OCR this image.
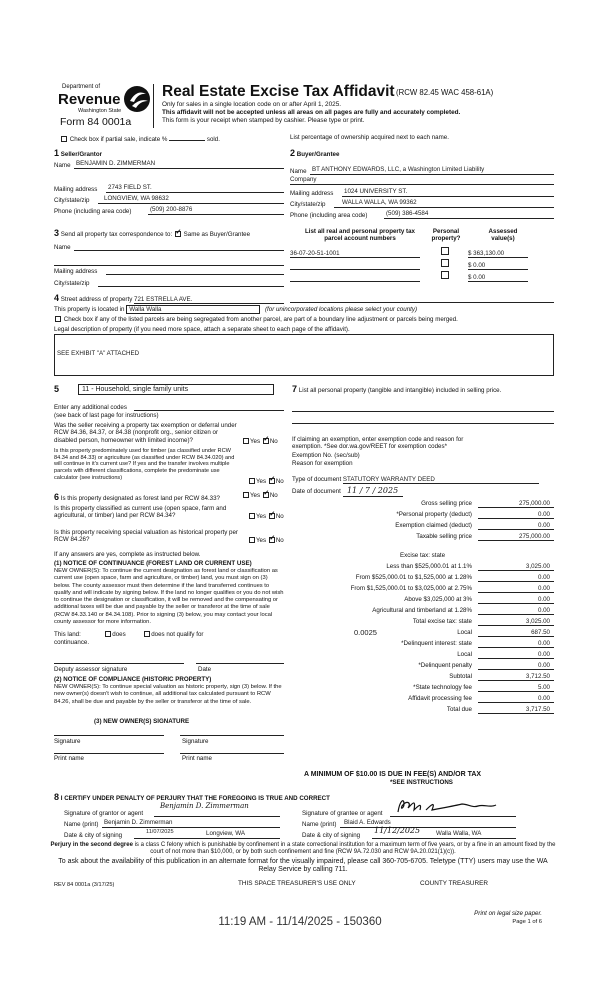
Department of
Revenue
Washington State
Form 84 0001a
Real Estate Excise Tax Affidavit (RCW 82.45 WAC 458-61A)
Only for sales in a single location code on or after April 1, 2025.
This affidavit will not be accepted unless all areas on all pages are fully and accurately completed.
This form is your receipt when stamped by cashier. Please type or print.
Check box if partial sale, indicate %	sold.	List percentage of ownership acquired next to each name.
1 Seller/Grantor
Name BENJAMIN D. ZIMMERMAN
Mailing address 2743 FIELD ST.
City/state/zip LONGVIEW, WA 98632
Phone (including area code)	(509) 200-8876
2 Buyer/Grantee
Name BT ANTHONY EDWARDS, LLC, a Washington Limited Liability
Company
Mailing address 1024 UNIVERSITY ST.
City/state/zip	WALLA WALLA, WA 99362
Phone (including area code)	(509) 386-4584
3 Send all property tax correspondence to: ✓ Same as Buyer/Grantee
Name
Mailing address
City/state/zip
List all real and personal property tax parcel account numbers
Personal property?
Assessed value(s)
36-07-20-51-1001	$ 363,130.00
$ 0.00
$ 0.00
4 Street address of property 721 ESTRELLA AVE.
This property is located in Walla Walla	(for unincorporated locations please select your county)
Check box if any of the listed parcels are being segregated from another parcel, are part of a boundary line adjustment or parcels being merged.
Legal description of property (if you need more space, attach a separate sheet to each page of the affidavit).
SEE EXHIBIT "A" ATTACHED
5	11 - Household, single family units
Enter any additional codes
(see back of last page for instructions)
Was the seller receiving a property tax exemption or deferral under RCW 84.36, 84.37, or 84.38 (nonprofit org., senior citizen or disabled person, homeowner with limited income)?	Yes ✓ No
Is this property predominately used for timber (as classified under RCW 84.34 and 84.33) or agriculture (as classified under RCW 84.34.020) and will continue in it's current use? If yes and the transfer involves multiple parcels with different classifications, complete the predominate use calculator (see instructions)
Yes ✓ No
6 Is this property designated as forest land per RCW 84.33?	Yes ✓ No
Is this property classified as current use (open space, farm and agricultural, or timber) land per RCW 84.34?	Yes ✓ No
Is this property receiving special valuation as historical property per RCW 84.26?	Yes ✓ No
If any answers are yes, complete as instructed below.
(1) NOTICE OF CONTINUANCE (FOREST LAND OR CURRENT USE)
NEW OWNER(S): To continue the current designation as forest land or classification as current use (open space, farm and agriculture, or timber) land, you must sign on (3) below. The county assessor must then determine if the land transferred continues to qualify and will indicate by signing below. If the land no longer qualifies or you do not wish to continue the designation or classification, it will be removed and the compensating or additional taxes will be due and payable by the seller or transferor at the time of sale (RCW 84.33.140 or 84.34.108). Prior to signing (3) below, you may contact your local county assessor for more information.
This land:	does	does not qualify for
continuance.
Deputy assessor signature	Date
(2) NOTICE OF COMPLIANCE (HISTORIC PROPERTY)
NEW OWNER(S): To continue special valuation as historic property, sign (3) below. If the new owner(s) doesn't wish to continue, all additional tax calculated pursuant to RCW 84.26, shall be due and payable by the seller or transferor at the time of sale.
(3) NEW OWNER(S) SIGNATURE
Signature	Signature
Print name	Print name
7 List all personal property (tangible and intangible) included in selling price.
If claiming an exemption, enter exemption code and reason for exemption. *See dor.wa.gov/REET for exemption codes*
Exemption No. (sec/sub)
Reason for exemption
Type of document STATUTORY WARRANTY DEED
Date of document 11 / 7 / 2025
Gross selling price	275,000.00
*Personal property (deduct)	0.00
Exemption claimed (deduct)	0.00
Taxable selling price	275,000.00
Less than $525,000.01 at 1.1%	3,025.00
From $525,000.01 to $1,525,000 at 1.28%	0.00
From $1,525,000.01 to $3,025,000 at 2.75%	0.00
Above $3,025,000 at 3%	0.00
Agricultural and timberland at 1.28%	0.00
Total excise tax: state	3,025.00
Local	687.50
0.0025
*Delinquent interest: state	0.00
Local	0.00
*Delinquent penalty	0.00
Subtotal	3,712.50
*State technology fee	5.00
Affidavit processing fee	0.00
Total due	3,717.50
Excise tax: state
A MINIMUM OF $10.00 IS DUE IN FEE(S) AND/OR TAX
*SEE INSTRUCTIONS
8 I CERTIFY UNDER PENALTY OF PERJURY THAT THE FOREGOING IS TRUE AND CORRECT
Signature of grantor or agent
Benjamin D. Zimmerman
Name (print) Benjamin D. Zimmerman
Date & city of signing	11/07/2025	Longview, WA
Signature of grantee or agent
Name (print) Blaid A. Edwards
Date & city of signing
11/12/2025	Walla Walla, WA
Perjury in the second degree is a class C felony which is punishable by confinement in a state correctional institution for a maximum term of five years, or by a fine in an amount fixed by the court of not more than $10,000, or by both such confinement and fine (RCW 9A.72.030 and RCW 9A.20.021(1)(c)).
To ask about the availability of this publication in an alternate format for the visually impaired, please call 360-705-6705. Teletype (TTY) users may use the WA Relay Service by calling 711.
REV 84 0001a (3/17/25)	THIS SPACE TREASURER'S USE ONLY	COUNTY TREASURER
11:19 AM - 11/14/2025 - 150360
Print on legal size paper.
Page 1 of 6
